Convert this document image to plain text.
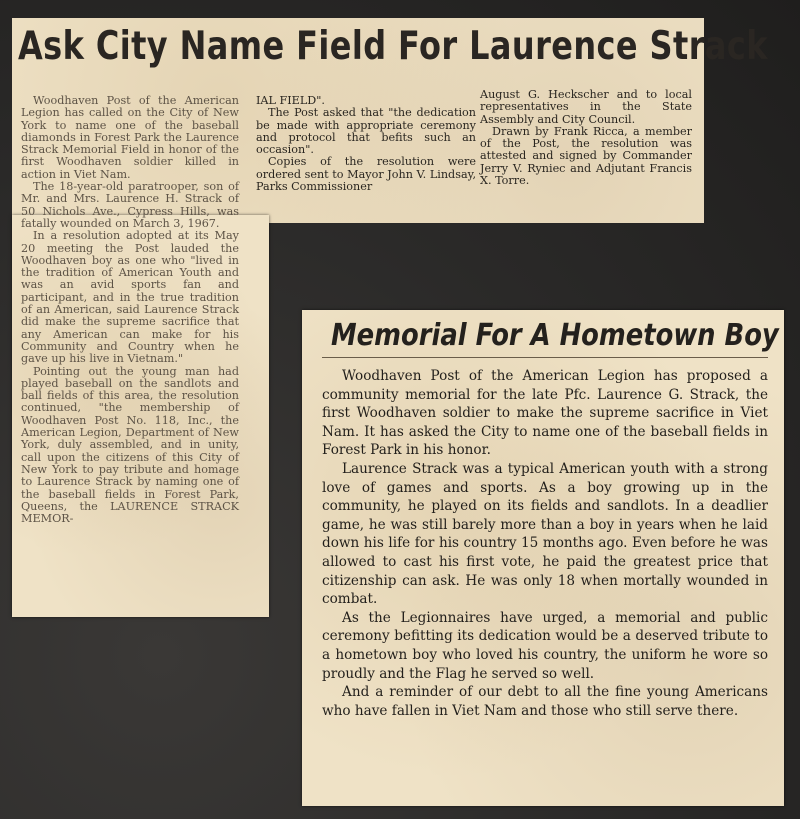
Ask City Name Field For Laurence Strack

Woodhaven Post of the American Legion has called on the City of New York to name one of the baseball diamonds in Forest Park the Laurence Strack Memorial Field in honor of the first Woodhaven soldier killed in action in Viet Nam.

The 18-year-old paratrooper, son of Mr. and Mrs. Laurence H. Strack of 50 Nichols Ave., Cypress Hills, was fatally wounded on March 3, 1967.

In a resolution adopted at its May 20 meeting the Post lauded the Woodhaven boy as one who "lived in the tradition of American Youth and was an avid sports fan and participant, and in the true tradition of an American, said Laurence Strack did make the supreme sacrifice that any American can make for his Community and Country when he gave up his live in Vietnam."

Pointing out the young man had played baseball on the sandlots and ball fields of this area, the resolution continued, "the membership of Woodhaven Post No. 118, Inc., the American Legion, Department of New York, duly assembled, and in unity, call upon the citizens of this City of New York to pay tribute and homage to Laurence Strack by naming one of the baseball fields in Forest Park, Queens, the LAURENCE STRACK MEMOR-

IAL FIELD".

The Post asked that "the dedication be made with appropriate ceremony and protocol that befits such an occasion".

Copies of the resolution were ordered sent to Mayor John V. Lindsay, Parks Commissioner

August G. Heckscher and to local representatives in the State Assembly and City Council.

Drawn by Frank Ricca, a member of the Post, the resolution was attested and signed by Commander Jerry V. Ryniec and Adjutant Francis X. Torre.

Memorial For A Hometown Boy

Woodhaven Post of the American Legion has proposed a community memorial for the late Pfc. Laurence G. Strack, the first Woodhaven soldier to make the supreme sacrifice in Viet Nam. It has asked the City to name one of the baseball fields in Forest Park in his honor.

Laurence Strack was a typical American youth with a strong love of games and sports. As a boy growing up in the community, he played on its fields and sandlots. In a deadlier game, he was still barely more than a boy in years when he laid down his life for his country 15 months ago. Even before he was allowed to cast his first vote, he paid the greatest price that citizenship can ask. He was only 18 when mortally wounded in combat.

As the Legionnaires have urged, a memorial and public ceremony befitting its dedication would be a deserved tribute to a hometown boy who loved his country, the uniform he wore so proudly and the Flag he served so well.

And a reminder of our debt to all the fine young Americans who have fallen in Viet Nam and those who still serve there.
